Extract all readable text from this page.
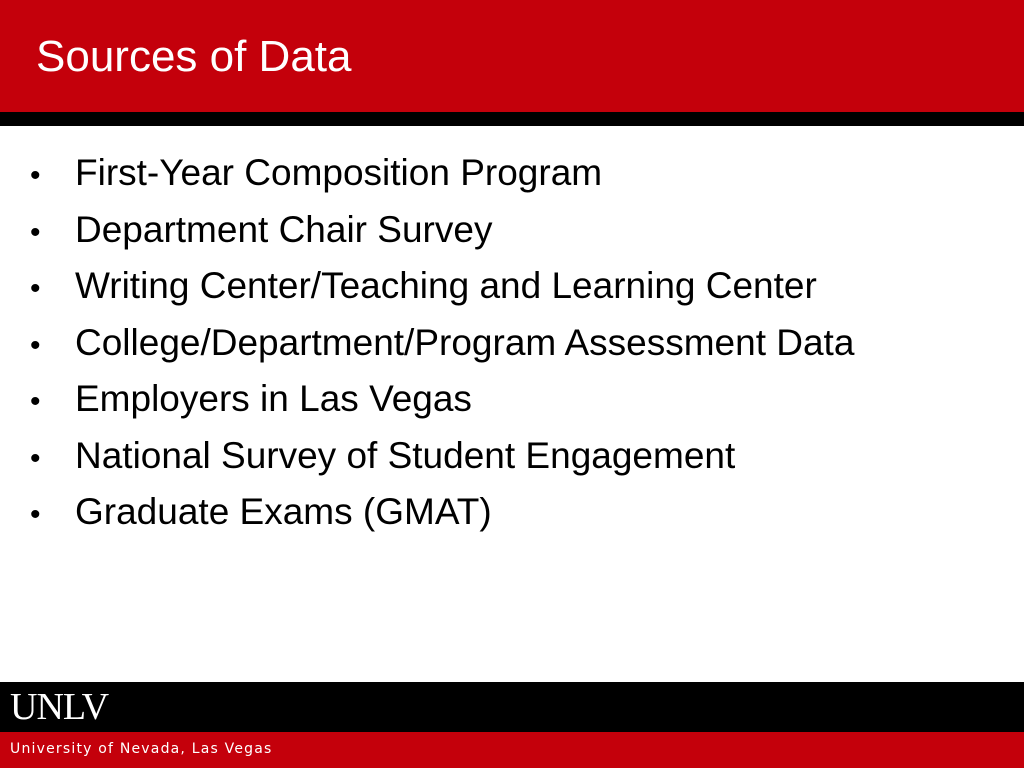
Sources of Data
• First-Year Composition Program
• Department Chair Survey
• Writing Center/Teaching and Learning Center
• College/Department/Program Assessment Data
• Employers in Las Vegas
• National Survey of Student Engagement
• Graduate Exams (GMAT)
UNLV
University of Nevada, Las Vegas
